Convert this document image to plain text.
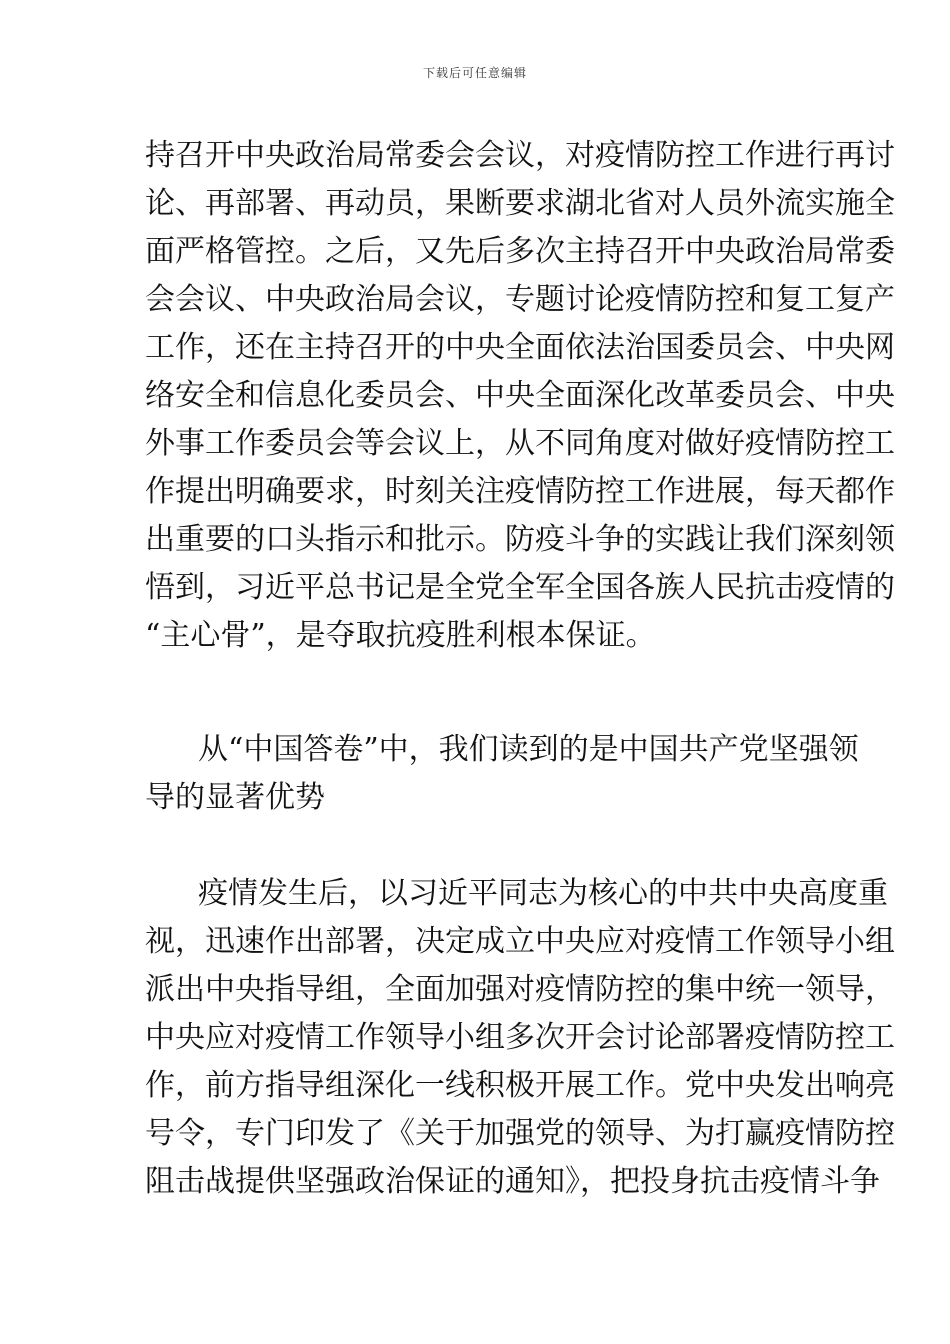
下载后可任意编辑
持召开中央政治局常委会会议，对疫情防控工作进行再讨
论、再部署、再动员，果断要求湖北省对人员外流实施全
面严格管控。之后，又先后多次主持召开中央政治局常委
会会议、中央政治局会议，专题讨论疫情防控和复工复产
工作，还在主持召开的中央全面依法治国委员会、中央网
络安全和信息化委员会、中央全面深化改革委员会、中央
外事工作委员会等会议上，从不同角度对做好疫情防控工
作提出明确要求，时刻关注疫情防控工作进展，每天都作
出重要的口头指示和批示。防疫斗争的实践让我们深刻领
悟到，习近平总书记是全党全军全国各族人民抗击疫情的
“主心骨”，是夺取抗疫胜利根本保证。
从“中国答卷”中，我们读到的是中国共产党坚强领
导的显著优势
疫情发生后，以习近平同志为核心的中共中央高度重
视，迅速作出部署，决定成立中央应对疫情工作领导小组
派出中央指导组，全面加强对疫情防控的集中统一领导，
中央应对疫情工作领导小组多次开会讨论部署疫情防控工
作，前方指导组深化一线积极开展工作。党中央发出响亮
号令，专门印发了《关于加强党的领导、为打赢疫情防控
阻击战提供坚强政治保证的通知》，把投身抗击疫情斗争
